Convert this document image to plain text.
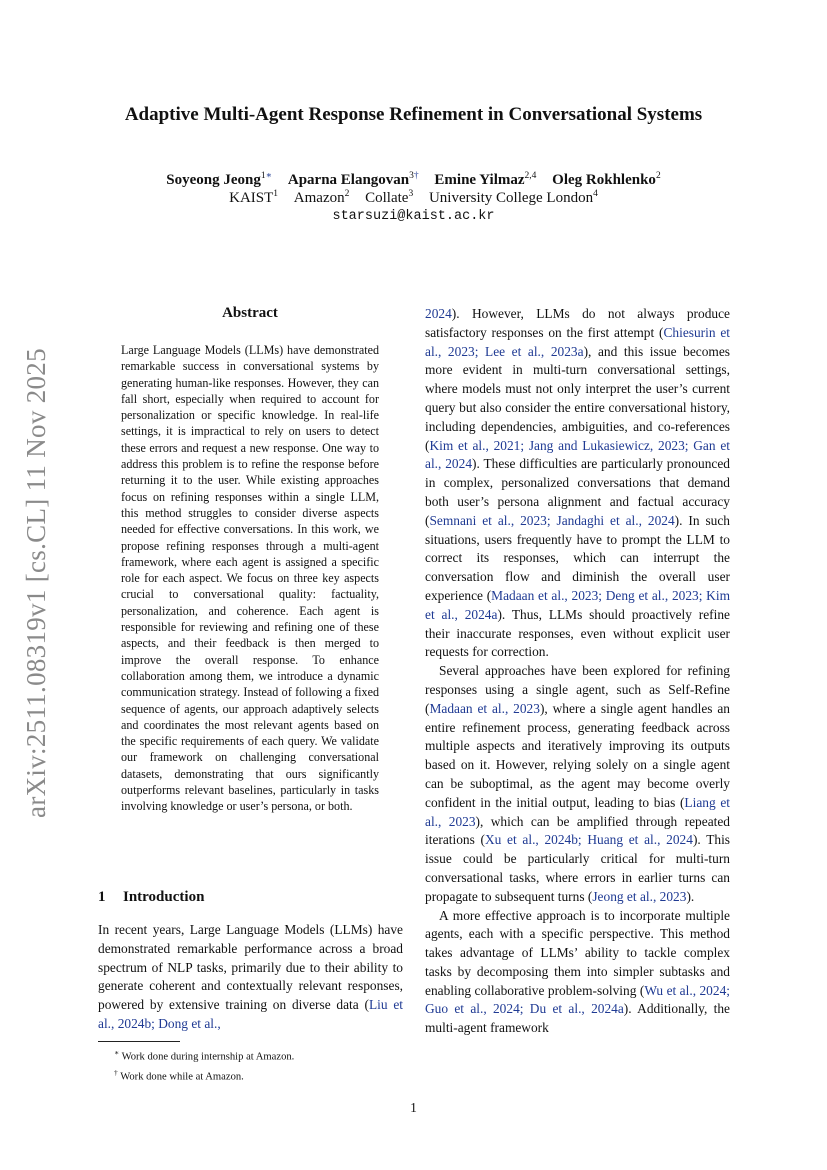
arXiv:2511.08319v1 [cs.CL] 11 Nov 2025
Adaptive Multi-Agent Response Refinement in Conversational Systems
Soyeong Jeong$^{1∗}$ Aparna Elangovan$^{3\dagger}$ Emine Yilmaz$^{2,4}$ Oleg Rokhlenko$^2$
KAIST$^1$ Amazon$^2$ Collate$^3$ University College London$^4$
starsuzi@kaist.ac.kr
Abstract
Large Language Models (LLMs) have demonstrated remarkable success in conversational systems by generating human-like responses. However, they can fall short, especially when required to account for personalization or specific knowledge. In real-life settings, it is impractical to rely on users to detect these errors and request a new response. One way to address this problem is to refine the response before returning it to the user. While existing approaches focus on refining responses within a single LLM, this method struggles to consider diverse aspects needed for effective conversations. In this work, we propose refining responses through a multi-agent framework, where each agent is assigned a specific role for each aspect. We focus on three key aspects crucial to conversational quality: factuality, personalization, and coherence. Each agent is responsible for reviewing and refining one of these aspects, and their feedback is then merged to improve the overall response. To enhance collaboration among them, we introduce a dynamic communication strategy. Instead of following a fixed sequence of agents, our approach adaptively selects and coordinates the most relevant agents based on the specific requirements of each query. We validate our framework on challenging conversational datasets, demonstrating that ours significantly outperforms relevant baselines, particularly in tasks involving knowledge or user’s persona, or both.
1 Introduction
In recent years, Large Language Models (LLMs) have demonstrated remarkable performance across a broad spectrum of NLP tasks, primarily due to their ability to generate coherent and contextually relevant responses, powered by extensive training on diverse data (Liu et al., 2024b; Dong et al.,
∗ Work done during internship at Amazon.
† Work done while at Amazon.

2024). However, LLMs do not always produce satisfactory responses on the first attempt (Chiesurin et al., 2023; Lee et al., 2023a), and this issue becomes more evident in multi-turn conversational settings, where models must not only interpret the user’s current query but also consider the entire conversational history, including dependencies, ambiguities, and co-references (Kim et al., 2021; Jang and Lukasiewicz, 2023; Gan et al., 2024). These difficulties are particularly pronounced in complex, personalized conversations that demand both user’s persona alignment and factual accuracy (Semnani et al., 2023; Jandaghi et al., 2024). In such situations, users frequently have to prompt the LLM to correct its responses, which can interrupt the conversation flow and diminish the overall user experience (Madaan et al., 2023; Deng et al., 2023; Kim et al., 2024a). Thus, LLMs should proactively refine their inaccurate responses, even without explicit user requests for correction.

Several approaches have been explored for refining responses using a single agent, such as Self-Refine (Madaan et al., 2023), where a single agent handles an entire refinement process, generating feedback across multiple aspects and iteratively improving its outputs based on it. However, relying solely on a single agent can be suboptimal, as the agent may become overly confident in the initial output, leading to bias (Liang et al., 2023), which can be amplified through repeated iterations (Xu et al., 2024b; Huang et al., 2024). This issue could be particularly critical for multi-turn conversational tasks, where errors in earlier turns can propagate to subsequent turns (Jeong et al., 2023).

A more effective approach is to incorporate multiple agents, each with a specific perspective. This method takes advantage of LLMs’ ability to tackle complex tasks by decomposing them into simpler subtasks and enabling collaborative problem-solving (Wu et al., 2024; Guo et al., 2024; Du et al., 2024a). Additionally, the multi-agent framework

1
